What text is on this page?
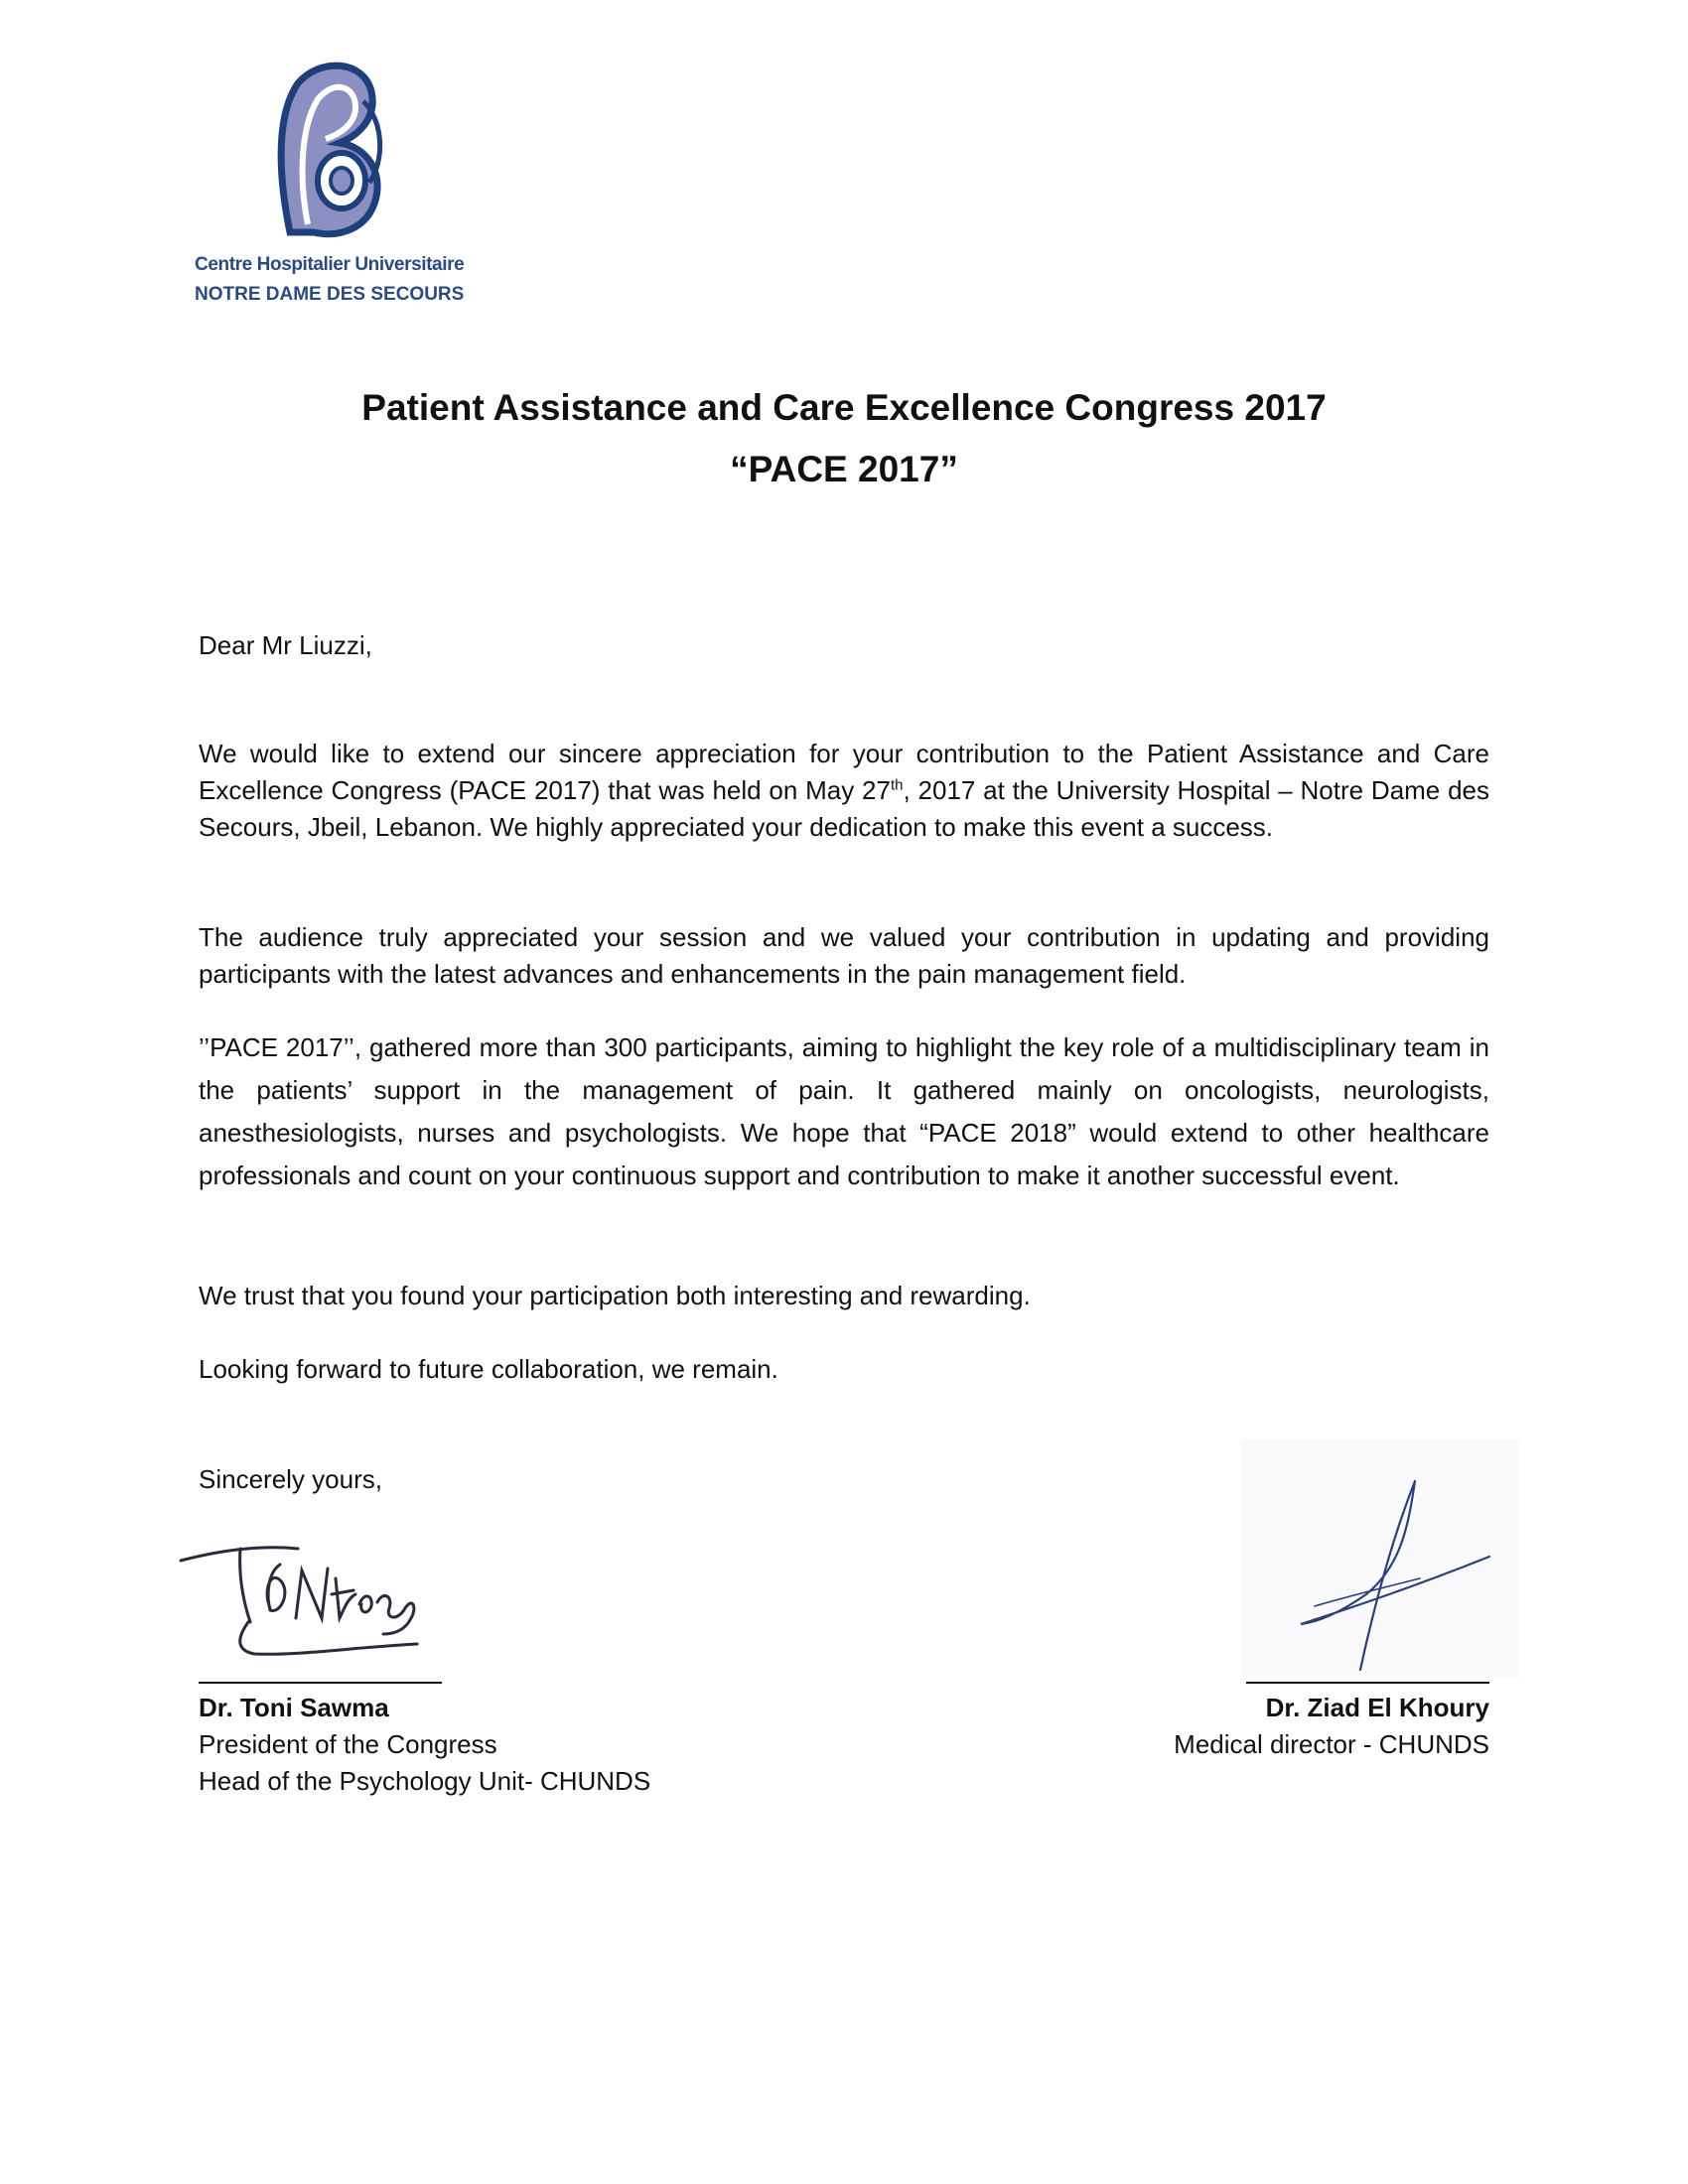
Centre Hospitalier Universitaire
NOTRE DAME DES SECOURS
Patient Assistance and Care Excellence Congress 2017
“PACE 2017”
Dear Mr Liuzzi,
We would like to extend our sincere appreciation for your contribution to the Patient Assistance and Care Excellence Congress (PACE 2017) that was held on May 27th, 2017 at the University Hospital – Notre Dame des Secours, Jbeil, Lebanon. We highly appreciated your dedication to make this event a success.
The audience truly appreciated your session and we valued your contribution in updating and providing participants with the latest advances and enhancements in the pain management field.
’’PACE 2017’’, gathered more than 300 participants, aiming to highlight the key role of a multidisciplinary team in the patients’ support in the management of pain. It gathered mainly on oncologists, neurologists, anesthesiologists, nurses and psychologists. We hope that “PACE 2018” would extend to other healthcare professionals and count on your continuous support and contribution to make it another successful event.
We trust that you found your participation both interesting and rewarding.
Looking forward to future collaboration, we remain.
Sincerely yours,
Dr. Toni Sawma
President of the Congress
Head of the Psychology Unit- CHUNDS
Dr. Ziad El Khoury
Medical director - CHUNDS
